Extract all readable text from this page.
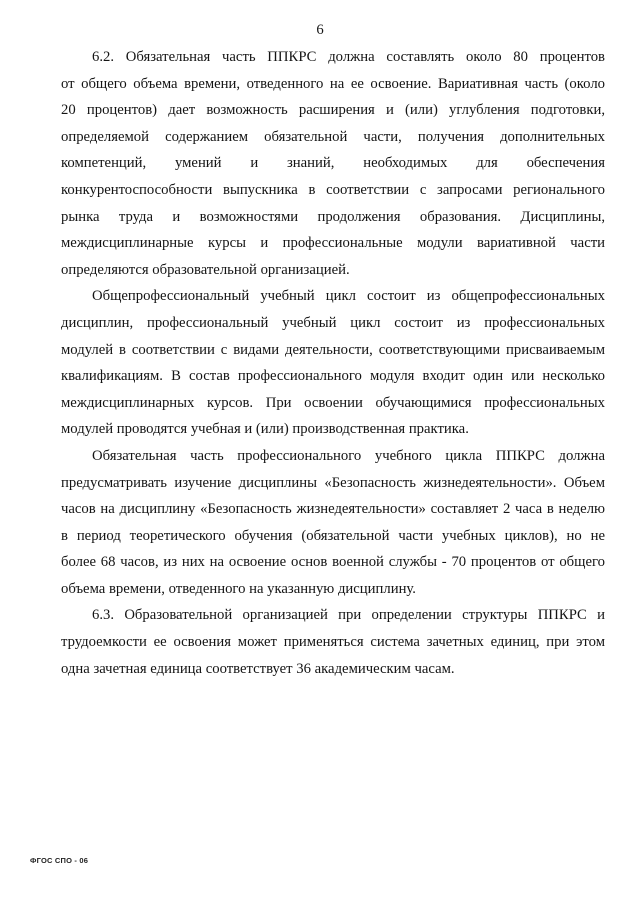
6
6.2. Обязательная часть ППКРС должна составлять около 80 процентов
от общего объема времени, отведенного на ее освоение. Вариативная часть (около
20 процентов) дает возможность расширения и (или) углубления подготовки,
определяемой содержанием обязательной части, получения дополнительных
компетенций, умений и знаний, необходимых для обеспечения
конкурентоспособности выпускника в соответствии с запросами регионального
рынка труда и возможностями продолжения образования. Дисциплины,
междисциплинарные курсы и профессиональные модули вариативной части
определяются образовательной организацией.
Общепрофессиональный учебный цикл состоит из общепрофессиональных
дисциплин, профессиональный учебный цикл состоит из профессиональных
модулей в соответствии с видами деятельности, соответствующими присваиваемым
квалификациям. В состав профессионального модуля входит один или несколько
междисциплинарных курсов. При освоении обучающимися профессиональных
модулей проводятся учебная и (или) производственная практика.
Обязательная часть профессионального учебного цикла ППКРС должна
предусматривать изучение дисциплины «Безопасность жизнедеятельности». Объем
часов на дисциплину «Безопасность жизнедеятельности» составляет 2 часа в неделю
в период теоретического обучения (обязательной части учебных циклов), но не
более 68 часов, из них на освоение основ военной службы - 70 процентов от общего
объема времени, отведенного на указанную дисциплину.
6.3. Образовательной организацией при определении структуры ППКРС и
трудоемкости ее освоения может применяться система зачетных единиц, при этом
одна зачетная единица соответствует 36 академическим часам.
ФГОС СПО - 06
